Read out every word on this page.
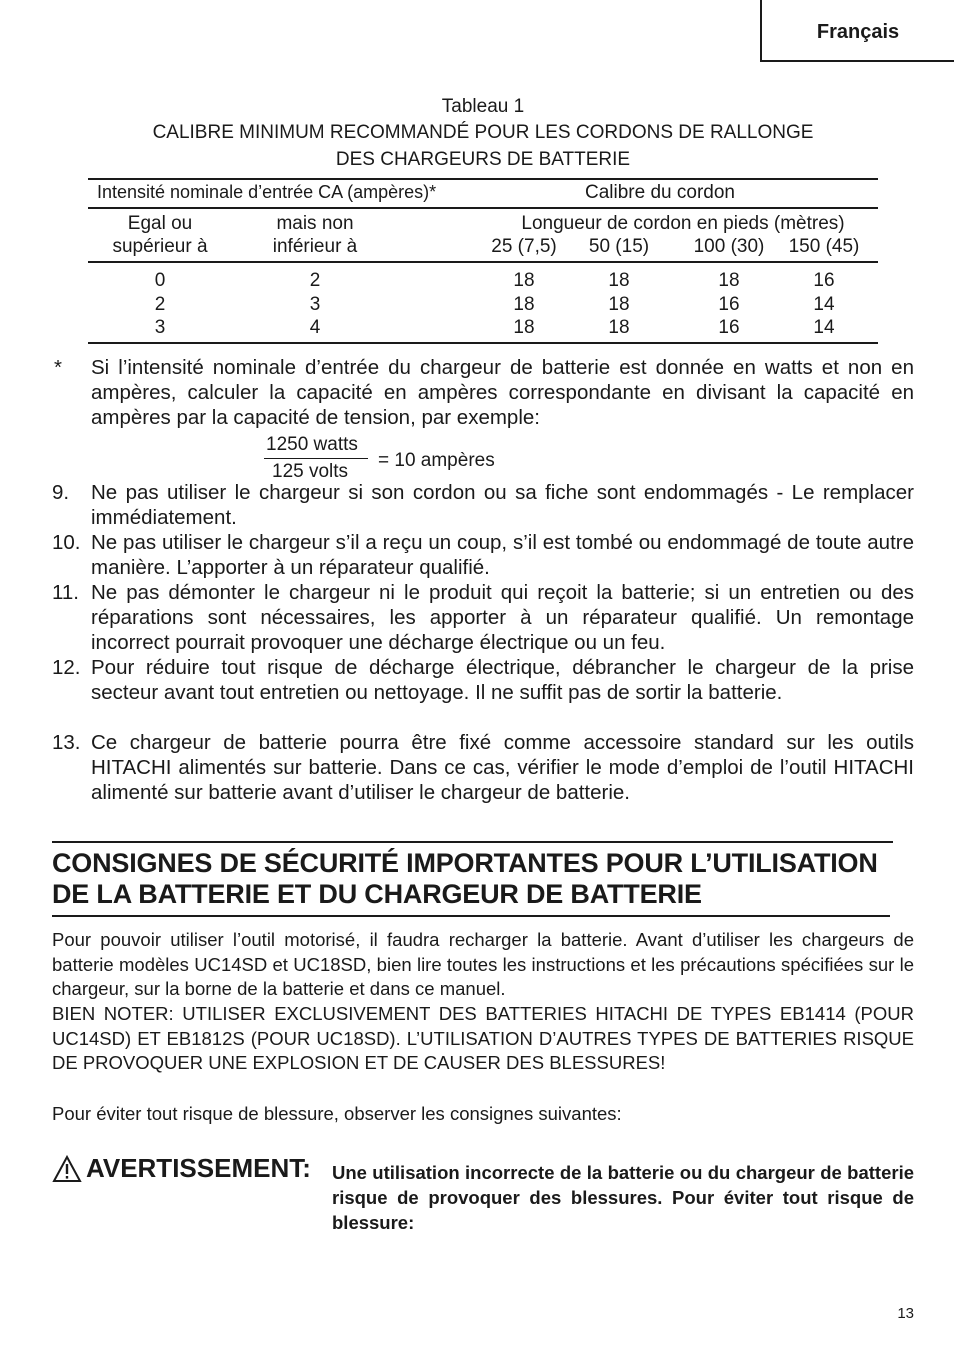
Français
Tableau 1
CALIBRE MINIMUM RECOMMANDÉ POUR LES CORDONS DE RALLONGE
DES CHARGEURS DE BATTERIE
Intensité nominale d’entrée CA (ampères)*	Calibre du cordon
Egal ou
supérieur à
mais non
inférieur à
Longueur de cordon en pieds (mètres)
25 (7,5) 50 (15) 100 (30) 150 (45)
0	2	18	18	18	16
2	3	18	18	16	14
3	4	18	18	16	14
* Si l’intensité nominale d’entrée du chargeur de batterie est donnée en watts et non en ampères, calculer la capacité en ampères correspondante en divisant la capacité en ampères par la capacité de tension, par exemple:
1250 watts
125 volts
= 10 ampères
9. Ne pas utiliser le chargeur si son cordon ou sa fiche sont endommagés - Le remplacer immédiatement.
10. Ne pas utiliser le chargeur s’il a reçu un coup, s’il est tombé ou endommagé de toute autre manière. L’apporter à un réparateur qualifié.
11. Ne pas démonter le chargeur ni le produit qui reçoit la batterie; si un entretien ou des réparations sont nécessaires, les apporter à un réparateur qualifié. Un remontage incorrect pourrait provoquer une décharge électrique ou un feu.
12. Pour réduire tout risque de décharge électrique, débrancher le chargeur de la prise secteur avant tout entretien ou nettoyage. Il ne suffit pas de sortir la batterie.
13. Ce chargeur de batterie pourra être fixé comme accessoire standard sur les outils HITACHI alimentés sur batterie. Dans ce cas, vérifier le mode d’emploi de l’outil HITACHI alimenté sur batterie avant d’utiliser le chargeur de batterie.
CONSIGNES DE SÉCURITÉ IMPORTANTES POUR L’UTILISATION
DE LA BATTERIE ET DU CHARGEUR DE BATTERIE
Pour pouvoir utiliser l’outil motorisé, il faudra recharger la batterie. Avant d’utiliser les chargeurs de batterie modèles UC14SD et UC18SD, bien lire toutes les instructions et les précautions spécifiées sur le chargeur, sur la borne de la batterie et dans ce manuel.
BIEN NOTER: UTILISER EXCLUSIVEMENT DES BATTERIES HITACHI DE TYPES EB1414 (POUR UC14SD) ET EB1812S (POUR UC18SD). L’UTILISATION D’AUTRES TYPES DE BATTERIES RISQUE DE PROVOQUER UNE EXPLOSION ET DE CAUSER DES BLESSURES!
Pour éviter tout risque de blessure, observer les consignes suivantes:
AVERTISSEMENT: Une utilisation incorrecte de la batterie ou du chargeur de batterie risque de provoquer des blessures. Pour éviter tout risque de blessure:
13
